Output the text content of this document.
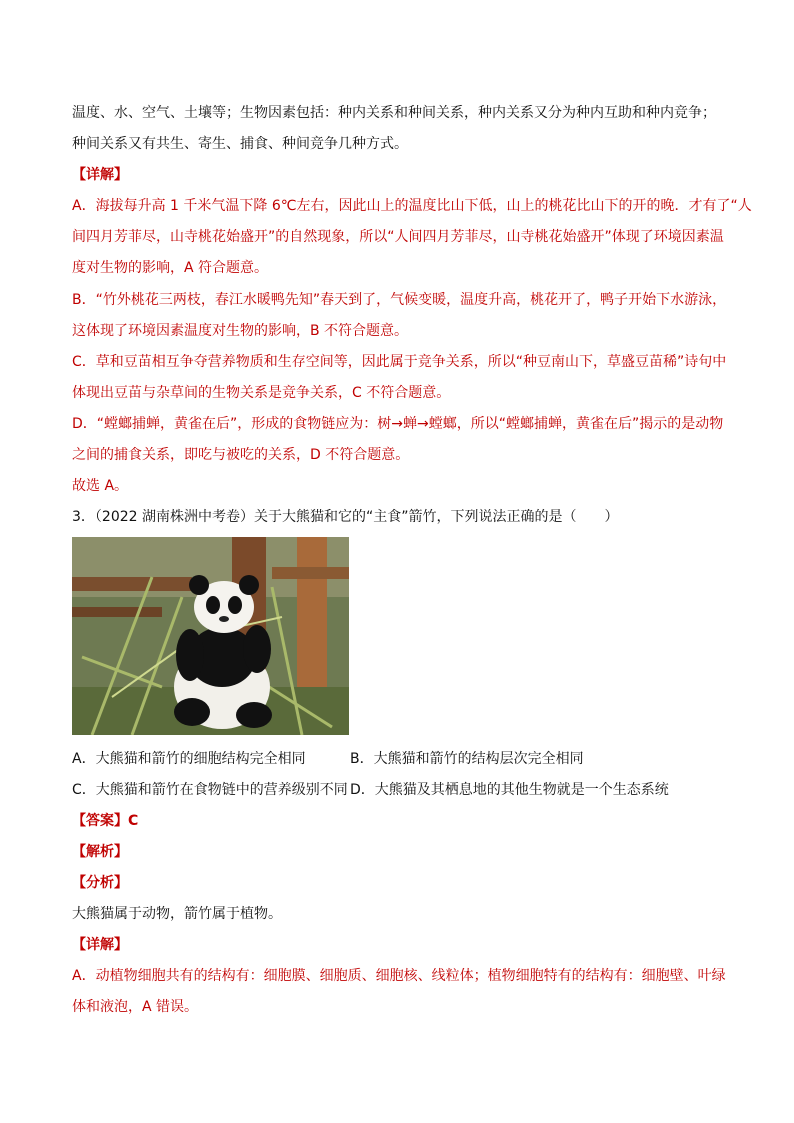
温度、水、空气、土壤等；生物因素包括：种内关系和种间关系，种内关系又分为种内互助和种内竞争；
种间关系又有共生、寄生、捕食、种间竞争几种方式。
【详解】
A．海拔每升高 1 千米气温下降 6℃左右，因此山上的温度比山下低，山上的桃花比山下的开的晚．才有了“人
间四月芳菲尽，山寺桃花始盛开”的自然现象，所以“人间四月芳菲尽，山寺桃花始盛开”体现了环境因素温
度对生物的影响，A 符合题意。
B．“竹外桃花三两枝，春江水暖鸭先知”春天到了，气候变暖，温度升高，桃花开了，鸭子开始下水游泳，
这体现了环境因素温度对生物的影响，B 不符合题意。
C．草和豆苗相互争夺营养物质和生存空间等，因此属于竞争关系，所以“种豆南山下，草盛豆苗稀”诗句中
体现出豆苗与杂草间的生物关系是竞争关系，C 不符合题意。
D．“螳螂捕蝉，黄雀在后”，形成的食物链应为：树→蝉→螳螂，所以“螳螂捕蝉，黄雀在后”揭示的是动物
之间的捕食关系，即吃与被吃的关系，D 不符合题意。
故选 A。
3．（2022 湖南株洲中考卷）关于大熊猫和它的“主食”箭竹，下列说法正确的是（　　）
A．大熊猫和箭竹的细胞结构完全相同	B．大熊猫和箭竹的结构层次完全相同
C．大熊猫和箭竹在食物链中的营养级别不同 D．大熊猫及其栖息地的其他生物就是一个生态系统
【答案】C
【解析】
【分析】
大熊猫属于动物，箭竹属于植物。
【详解】
A．动植物细胞共有的结构有：细胞膜、细胞质、细胞核、线粒体；植物细胞特有的结构有：细胞壁、叶绿
体和液泡，A 错误。
